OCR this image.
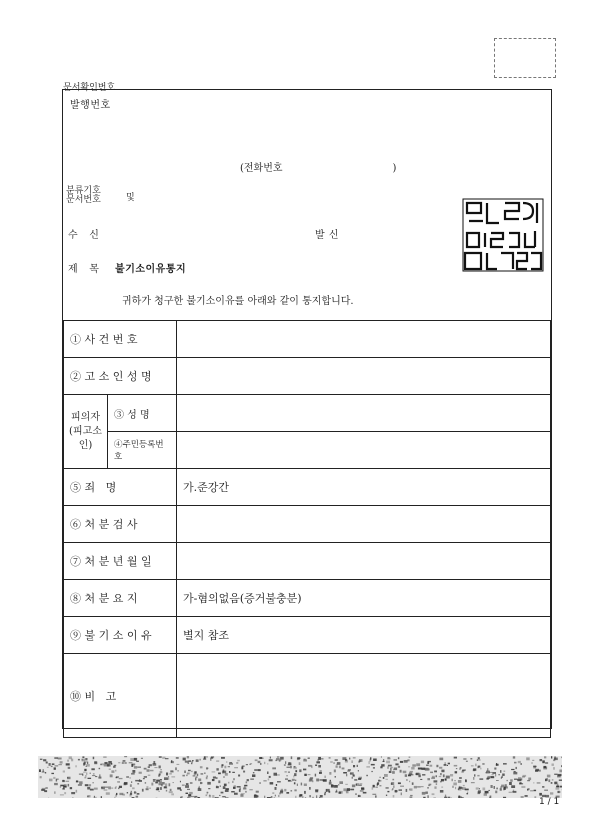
문서확인번호
발행번호
(전화번호	)
분류기호
문서번호	및
수   신	발 신
제   목 불기소이유통지
귀하가 청구한 불기소이유를 아래와 같이 통지합니다.
① 사 건 번 호		
② 고 소 인 성 명		

피의자
(피고소인)	③ 성 명	
	④주민등록번호	
⑤ 죄   명		가.준강간
⑥ 처 분 검 사		
⑦ 처 분 년 월 일		
⑧ 처 분 요 지		가-혐의없음(증거불충분)
⑨ 불 기 소 이 유		별지 참조
⑩ 비   고		
1 / 1
